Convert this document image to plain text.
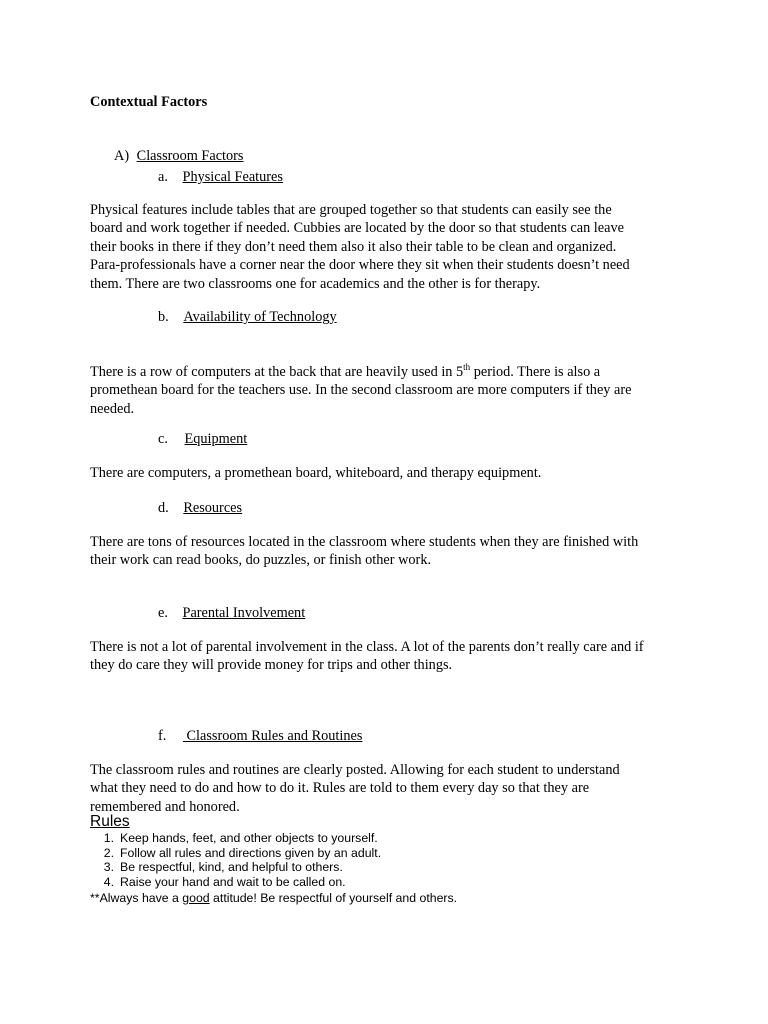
Contextual Factors
A) Classroom Factors
a. Physical Features
Physical features include tables that are grouped together so that students can easily see the
board and work together if needed. Cubbies are located by the door so that students can leave
their books in there if they don’t need them also it also their table to be clean and organized.
Para-professionals have a corner near the door where they sit when their students doesn’t need
them. There are two classrooms one for academics and the other is for therapy.
b. Availability of Technology
There is a row of computers at the back that are heavily used in 5th period. There is also a
promethean board for the teachers use. In the second classroom are more computers if they are
needed.
c. Equipment
There are computers, a promethean board, whiteboard, and therapy equipment.
d. Resources
There are tons of resources located in the classroom where students when they are finished with
their work can read books, do puzzles, or finish other work.
e. Parental Involvement
There is not a lot of parental involvement in the class. A lot of the parents don’t really care and if
they do care they will provide money for trips and other things.
f.  Classroom Rules and Routines
The classroom rules and routines are clearly posted. Allowing for each student to understand
what they need to do and how to do it. Rules are told to them every day so that they are
remembered and honored.
Rules
1. Keep hands, feet, and other objects to yourself.
2. Follow all rules and directions given by an adult.
3. Be respectful, kind, and helpful to others.
4. Raise your hand and wait to be called on.
**Always have a good attitude! Be respectful of yourself and others.
